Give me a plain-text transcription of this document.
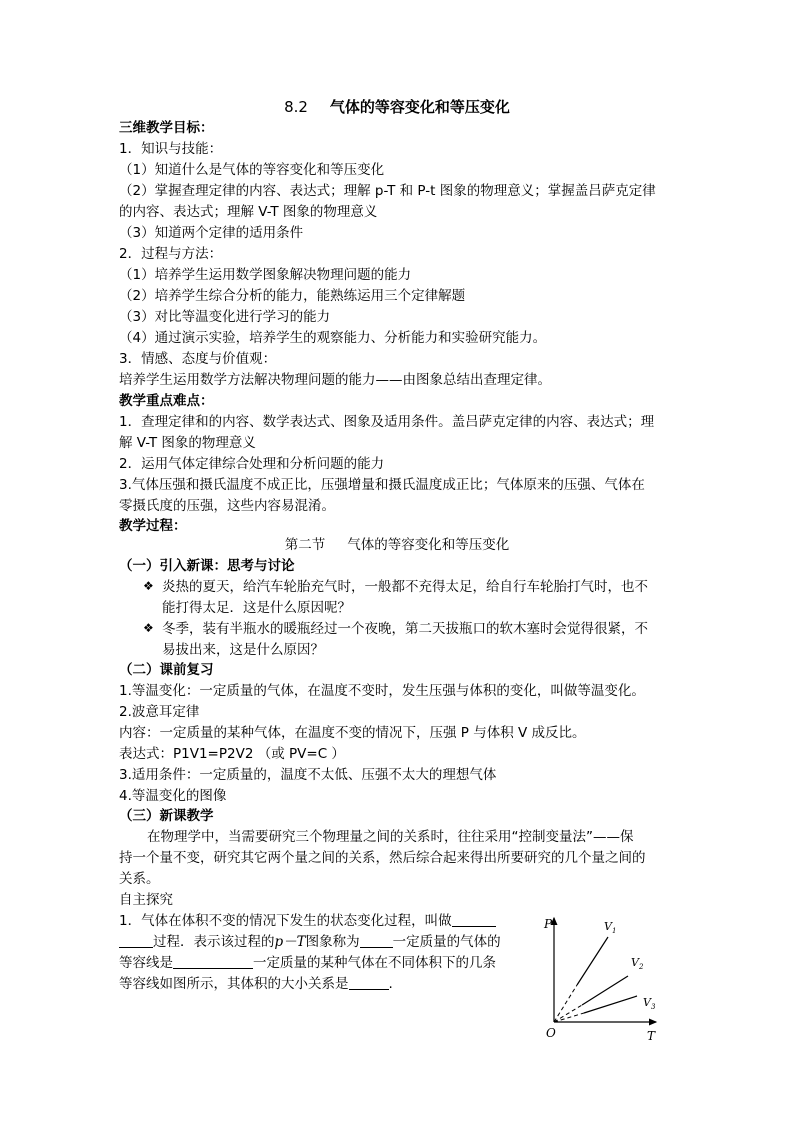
8.2 气体的等容变化和等压变化
三维教学目标：
1．知识与技能：
（1）知道什么是气体的等容变化和等压变化
（2）掌握查理定律的内容、表达式；理解 p-T 和 P-t 图象的物理意义；掌握盖吕萨克定律
的内容、表达式；理解 V-T 图象的物理意义
（3）知道两个定律的适用条件
2．过程与方法：
（1）培养学生运用数学图象解决物理问题的能力
（2）培养学生综合分析的能力，能熟练运用三个定律解题
（3）对比等温变化进行学习的能力
（4）通过演示实验，培养学生的观察能力、分析能力和实验研究能力。
3．情感、态度与价值观：
培养学生运用数学方法解决物理问题的能力——由图象总结出查理定律。
教学重点难点：
1．查理定律和的内容、数学表达式、图象及适用条件。盖吕萨克定律的内容、表达式；理
解 V-T 图象的物理意义
2．运用气体定律综合处理和分析问题的能力
3.气体压强和摄氏温度不成正比，压强增量和摄氏温度成正比；气体原来的压强、气体在
零摄氏度的压强，这些内容易混淆。
教学过程：
第二节 气体的等容变化和等压变化
（一）引入新课：思考与讨论
❖ 炎热的夏天，给汽车轮胎充气时，一般都不充得太足，给自行车轮胎打气时，也不
能打得太足．这是什么原因呢？
❖ 冬季，装有半瓶水的暖瓶经过一个夜晚，第二天拔瓶口的软木塞时会觉得很紧，不
易拔出来，这是什么原因？
（二）课前复习
1.等温变化：一定质量的气体，在温度不变时，发生压强与体积的变化，叫做等温变化。
2.波意耳定律
内容：一定质量的某种气体，在温度不变的情况下，压强 P 与体积 V 成反比。
表达式：P1V1=P2V2 （或 PV=C ）
3.适用条件：一定质量的，温度不太低、压强不太大的理想气体
4.等温变化的图像
（三）新课教学
在物理学中，当需要研究三个物理量之间的关系时，往往采用“控制变量法”——保
持一个量不变，研究其它两个量之间的关系，然后综合起来得出所要研究的几个量之间的
关系。
自主探究
1．气体在体积不变的情况下发生的状态变化过程，叫做
过程．表示该过程的p－T图象称为 一定质量的气体的
等容线是	一定质量的某种气体在不同体积下的几条
等容线如图所示，其体积的大小关系是	.
P
T
O
$V_1$
$V_2$
$V_3$
